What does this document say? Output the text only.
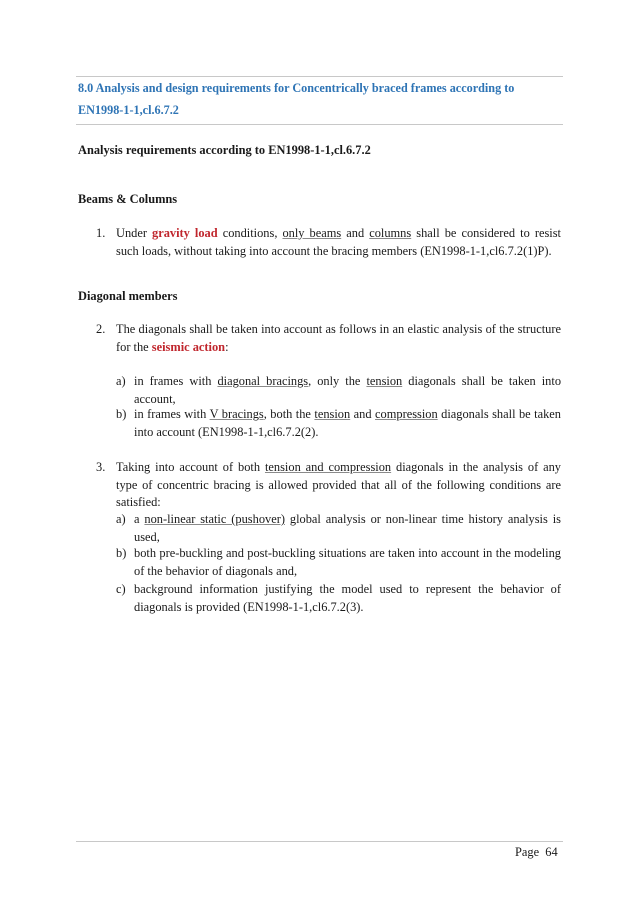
8.0 Analysis and design requirements for Concentrically braced frames according to
EN1998-1-1,cl.6.7.2
Analysis requirements according to EN1998-1-1,cl.6.7.2
Beams & Columns
1. Under gravity load conditions, only beams and columns shall be considered to resist such loads, without taking into account the bracing members (EN1998-1-1,cl6.7.2(1)P).
Diagonal members
2. The diagonals shall be taken into account as follows in an elastic analysis of the structure for the seismic action:
a) in frames with diagonal bracings, only the tension diagonals shall be taken into account,
b) in frames with V bracings, both the tension and compression diagonals shall be taken into account (EN1998-1-1,cl6.7.2(2).
3. Taking into account of both tension and compression diagonals in the analysis of any type of concentric bracing is allowed provided that all of the following conditions are satisfied:
a) a non-linear static (pushover) global analysis or non-linear time history analysis is used,
b) both pre-buckling and post-buckling situations are taken into account in the modeling of the behavior of diagonals and,
c) background information justifying the model used to represent the behavior of diagonals is provided (EN1998-1-1,cl6.7.2(3).
Page 64
